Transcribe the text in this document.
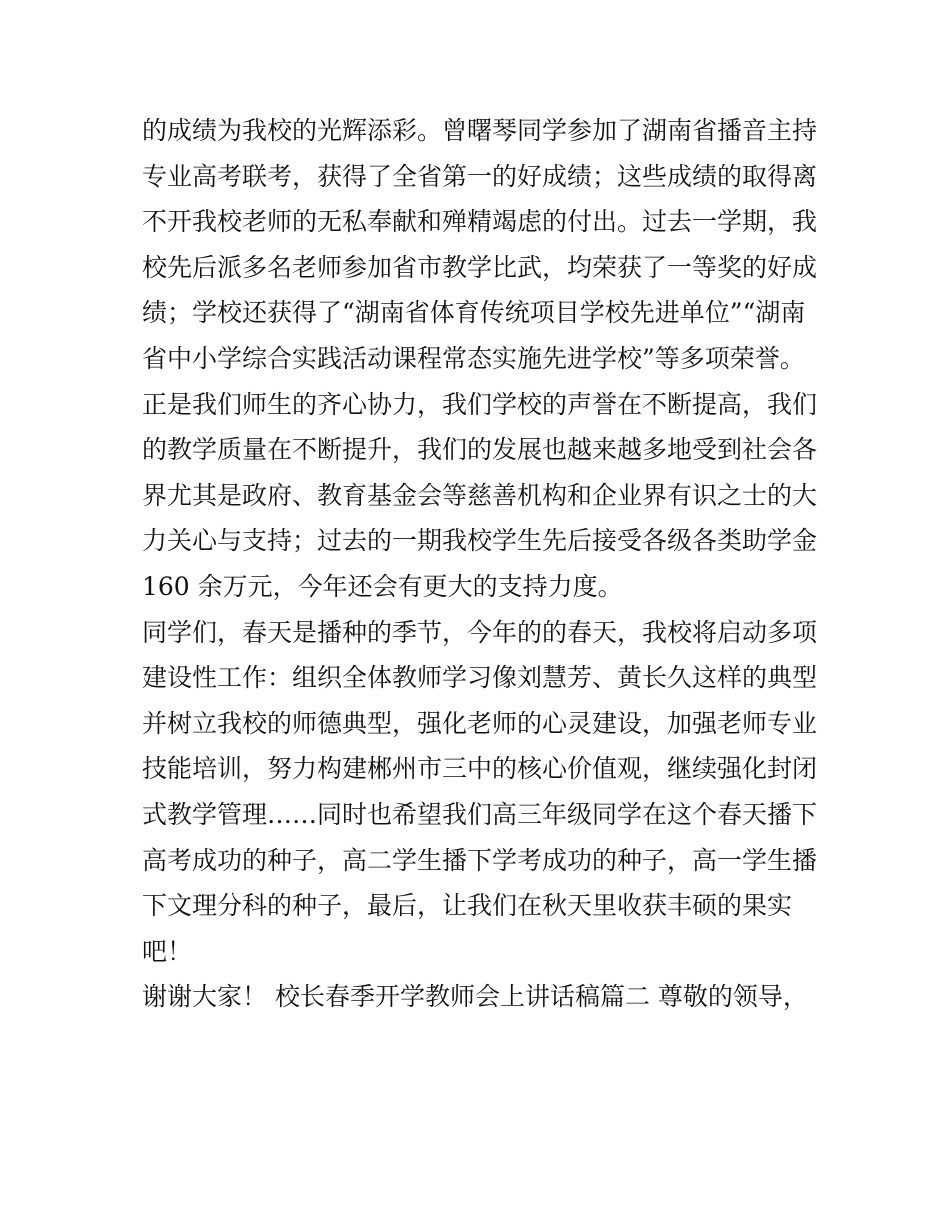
的成绩为我校的光辉添彩。曾曙琴同学参加了湖南省播音主持
专业高考联考，获得了全省第一的好成绩；这些成绩的取得离
不开我校老师的无私奉献和殚精竭虑的付出。过去一学期，我
校先后派多名老师参加省市教学比武，均荣获了一等奖的好成
绩；学校还获得了“湖南省体育传统项目学校先进单位”“湖南
省中小学综合实践活动课程常态实施先进学校”等多项荣誉。
正是我们师生的齐心协力，我们学校的声誉在不断提高，我们
的教学质量在不断提升，我们的发展也越来越多地受到社会各
界尤其是政府、教育基金会等慈善机构和企业界有识之士的大
力关心与支持；过去的一期我校学生先后接受各级各类助学金
160 余万元，今年还会有更大的支持力度。
同学们，春天是播种的季节，今年的的春天，我校将启动多项
建设性工作：组织全体教师学习像刘慧芳、黄长久这样的典型
并树立我校的师德典型，强化老师的心灵建设，加强老师专业
技能培训，努力构建郴州市三中的核心价值观，继续强化封闭
式教学管理……同时也希望我们高三年级同学在这个春天播下
高考成功的种子，高二学生播下学考成功的种子，高一学生播
下文理分科的种子，最后，让我们在秋天里收获丰硕的果实
吧！
谢谢大家！ 校长春季开学教师会上讲话稿篇二 尊敬的领导，
